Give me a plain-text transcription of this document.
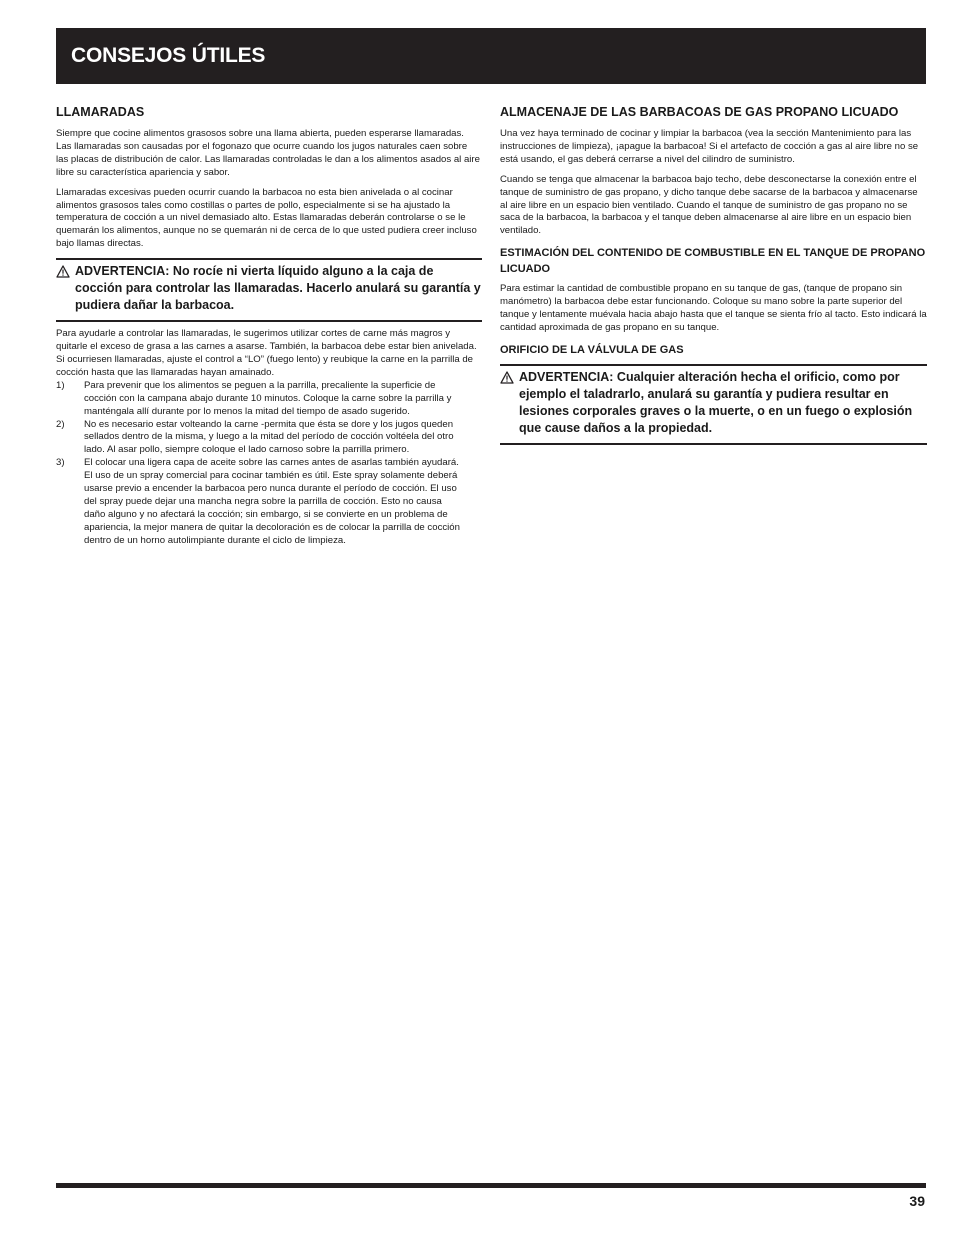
CONSEJOS ÚTILES
LLAMARADAS

Siempre que cocine alimentos grasosos sobre una llama abierta, pueden esperarse llamaradas. Las llamaradas son causadas por el fogonazo que ocurre cuando los jugos naturales caen sobre las placas de distribución de calor. Las llamaradas controladas le dan a los alimentos asados al aire libre su característica apariencia y sabor.

Llamaradas excesivas pueden ocurrir cuando la barbacoa no esta bien anivelada o al cocinar alimentos grasosos tales como costillas o partes de pollo, especialmente si se ha ajustado la temperatura de cocción a un nivel demasiado alto. Estas llamaradas deberán controlarse o se le quemarán los alimentos, aunque no se quemarán ni de cerca de lo que usted pudiera creer incluso bajo llamas directas.

ADVERTENCIA: No rocíe ni vierta líquido alguno a la caja de cocción para controlar las llamaradas. Hacerlo anulará su garantía y pudiera dañar la barbacoa.

Para ayudarle a controlar las llamaradas, le sugerimos utilizar cortes de carne más magros y quitarle el exceso de grasa a las carnes a asarse. También, la barbacoa debe estar bien anivelada. Si ocurriesen llamaradas, ajuste el control a “LO” (fuego lento) y reubique la carne en la parrilla de cocción hasta que las llamaradas hayan amainado.

1)	Para prevenir que los alimentos se peguen a la parrilla, precaliente la superficie de cocción con la campana abajo durante 10 minutos. Coloque la carne sobre la parrilla y manténgala allí durante por lo menos la mitad del tiempo de asado sugerido.
2)	No es necesario estar volteando la carne -permita que ésta se dore y los jugos queden sellados dentro de la misma, y luego a la mitad del período de cocción voltéela del otro lado. Al asar pollo, siempre coloque el lado carnoso sobre la parrilla primero.
3)	El colocar una ligera capa de aceite sobre las carnes antes de asarlas también ayudará. El uso de un spray comercial para cocinar también es útil. Este spray solamente deberá usarse previo a encender la barbacoa pero nunca durante el período de cocción. El uso del spray puede dejar una mancha negra sobre la parrilla de cocción. Esto no causa daño alguno y no afectará la cocción; sin embargo, si se convierte en un problema de apariencia, la mejor manera de quitar la decoloración es de colocar la parrilla de cocción dentro de un horno autolimpiante durante el ciclo de limpieza.
ALMACENAJE DE LAS BARBACOAS DE GAS PROPANO LICUADO

Una vez haya terminado de cocinar y limpiar la barbacoa (vea la sección Mantenimiento para las instrucciones de limpieza), ¡apague la barbacoa! Si el artefacto de cocción a gas al aire libre no se está usando, el gas deberá cerrarse a nivel del cilindro de suministro.

Cuando se tenga que almacenar la barbacoa bajo techo, debe desconectarse la conexión entre el tanque de suministro de gas propano, y dicho tanque debe sacarse de la barbacoa y almacenarse al aire libre en un espacio bien ventilado. Cuando el tanque de suministro de gas propano no se saca de la barbacoa, la barbacoa y el tanque deben almacenarse al aire libre en un espacio bien ventilado.

ESTIMACIÓN DEL CONTENIDO DE COMBUSTIBLE EN EL TANQUE DE PROPANO LICUADO

Para estimar la cantidad de combustible propano en su tanque de gas, (tanque de propano sin manómetro) la barbacoa debe estar funcionando. Coloque su mano sobre la parte superior del tanque y lentamente muévala hacia abajo hasta que el tanque se sienta frío al tacto. Esto indicará la cantidad aproximada de gas propano en su tanque.

ORIFICIO DE LA VÁLVULA DE GAS
ADVERTENCIA: Cualquier alteración hecha el orificio, como por ejemplo el taladrarlo, anulará su garantía y pudiera resultar en lesiones corporales graves o la muerte, o en un fuego o explosión que cause daños a la propiedad.
39
